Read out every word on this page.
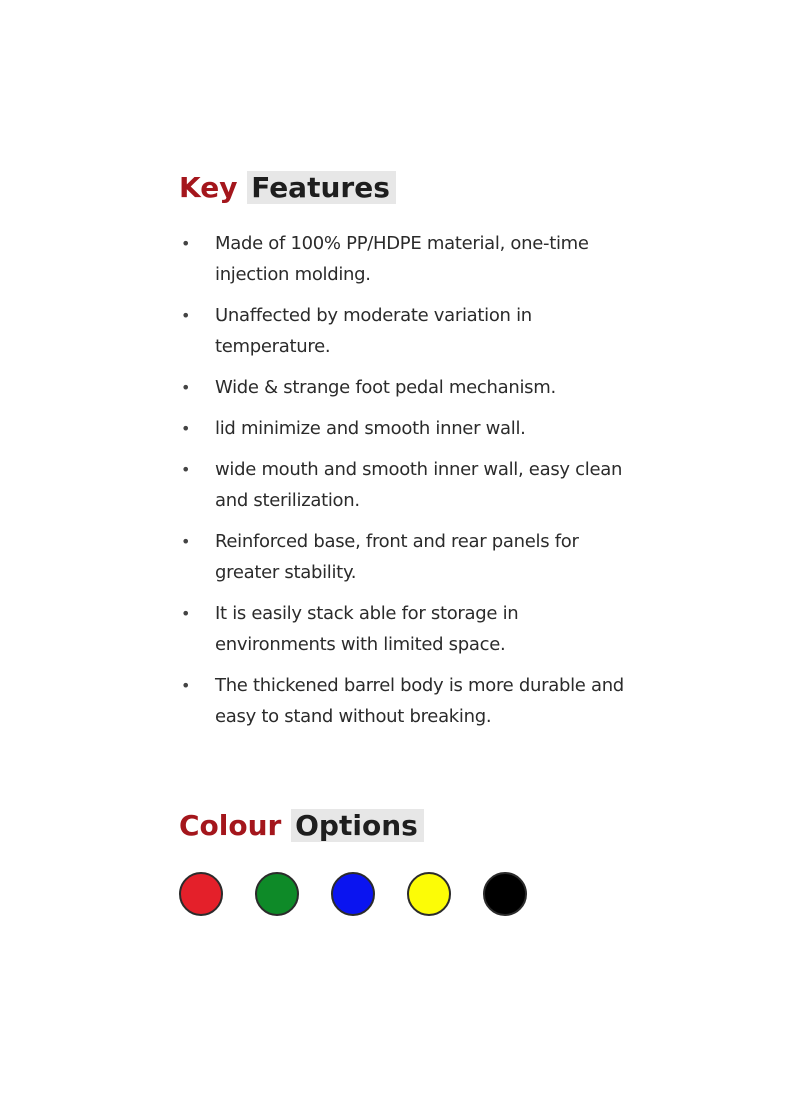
Key Features
• Made of 100% PP/HDPE material, one-time injection molding.
• Unaffected by moderate variation in temperature.
• Wide & strange foot pedal mechanism.
• lid minimize and smooth inner wall.
• wide mouth and smooth inner wall, easy clean and sterilization.
• Reinforced base, front and rear panels for greater stability.
• It is easily stack able for storage in environments with limited space.
• The thickened barrel body is more durable and easy to stand without breaking.
Colour Options
